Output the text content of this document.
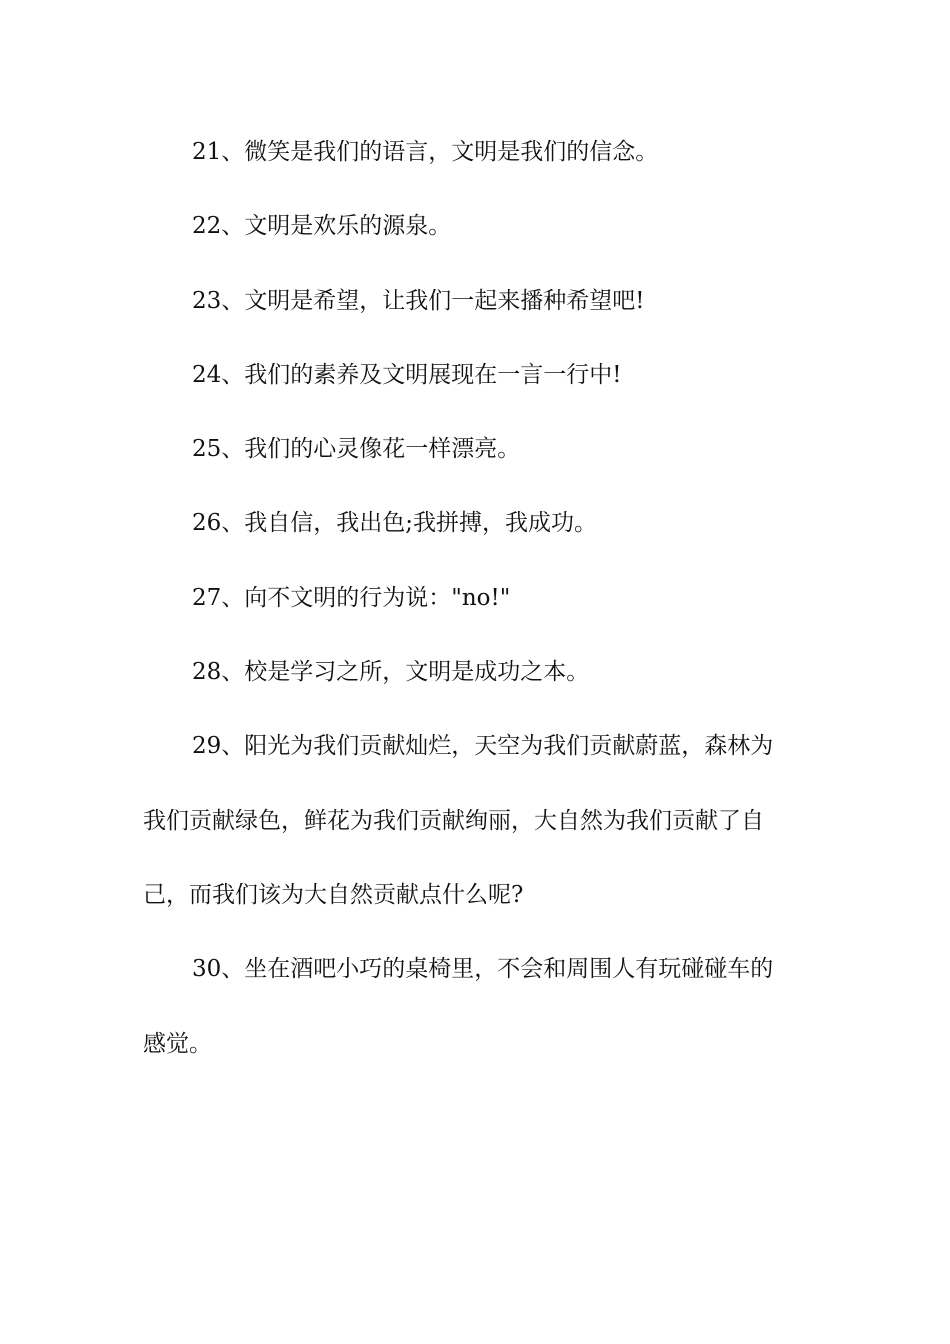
21、微笑是我们的语言，文明是我们的信念。
22、文明是欢乐的源泉。
23、文明是希望，让我们一起来播种希望吧!
24、我们的素养及文明展现在一言一行中!
25、我们的心灵像花一样漂亮。
26、我自信，我出色;我拼搏，我成功。
27、向不文明的行为说："no!"
28、校是学习之所，文明是成功之本。
29、阳光为我们贡献灿烂，天空为我们贡献蔚蓝，森林为
我们贡献绿色，鲜花为我们贡献绚丽，大自然为我们贡献了自
己，而我们该为大自然贡献点什么呢?
30、坐在酒吧小巧的桌椅里，不会和周围人有玩碰碰车的
感觉。
